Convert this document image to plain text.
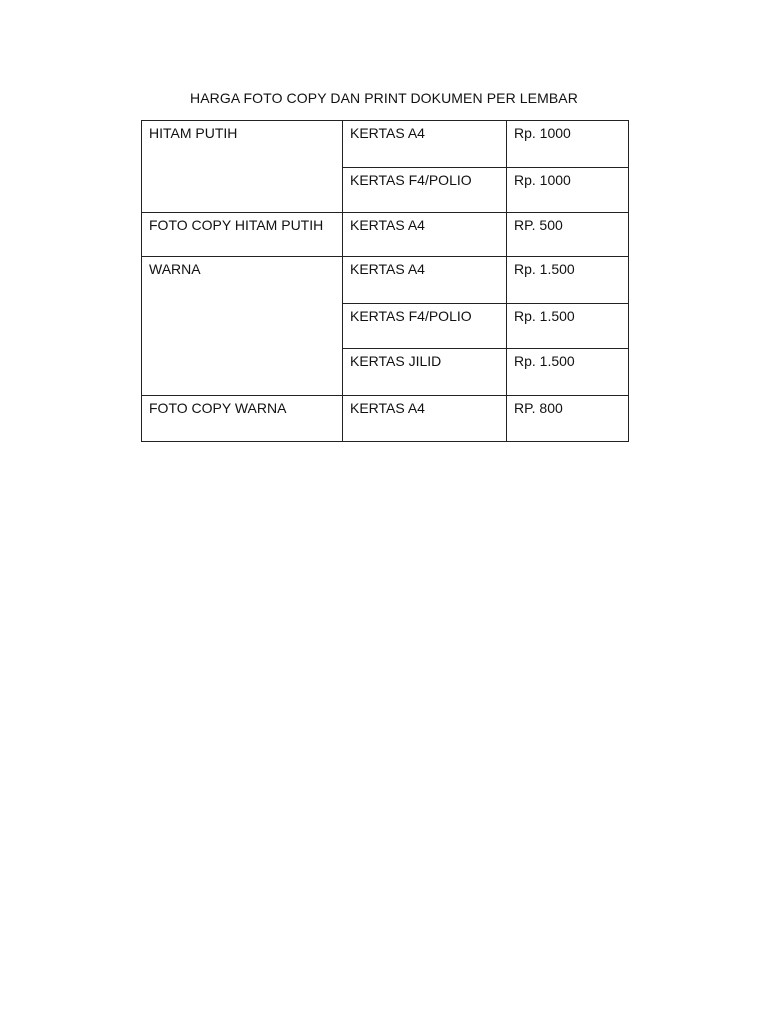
HARGA FOTO COPY DAN PRINT DOKUMEN PER LEMBAR
HITAM PUTIH	KERTAS A4	Rp. 1000
	KERTAS F4/POLIO	Rp. 1000
FOTO COPY HITAM PUTIH	KERTAS A4	RP. 500
WARNA	KERTAS A4	Rp. 1.500
	KERTAS F4/POLIO	Rp. 1.500
	KERTAS JILID	Rp. 1.500
FOTO COPY WARNA	KERTAS A4	RP. 800
